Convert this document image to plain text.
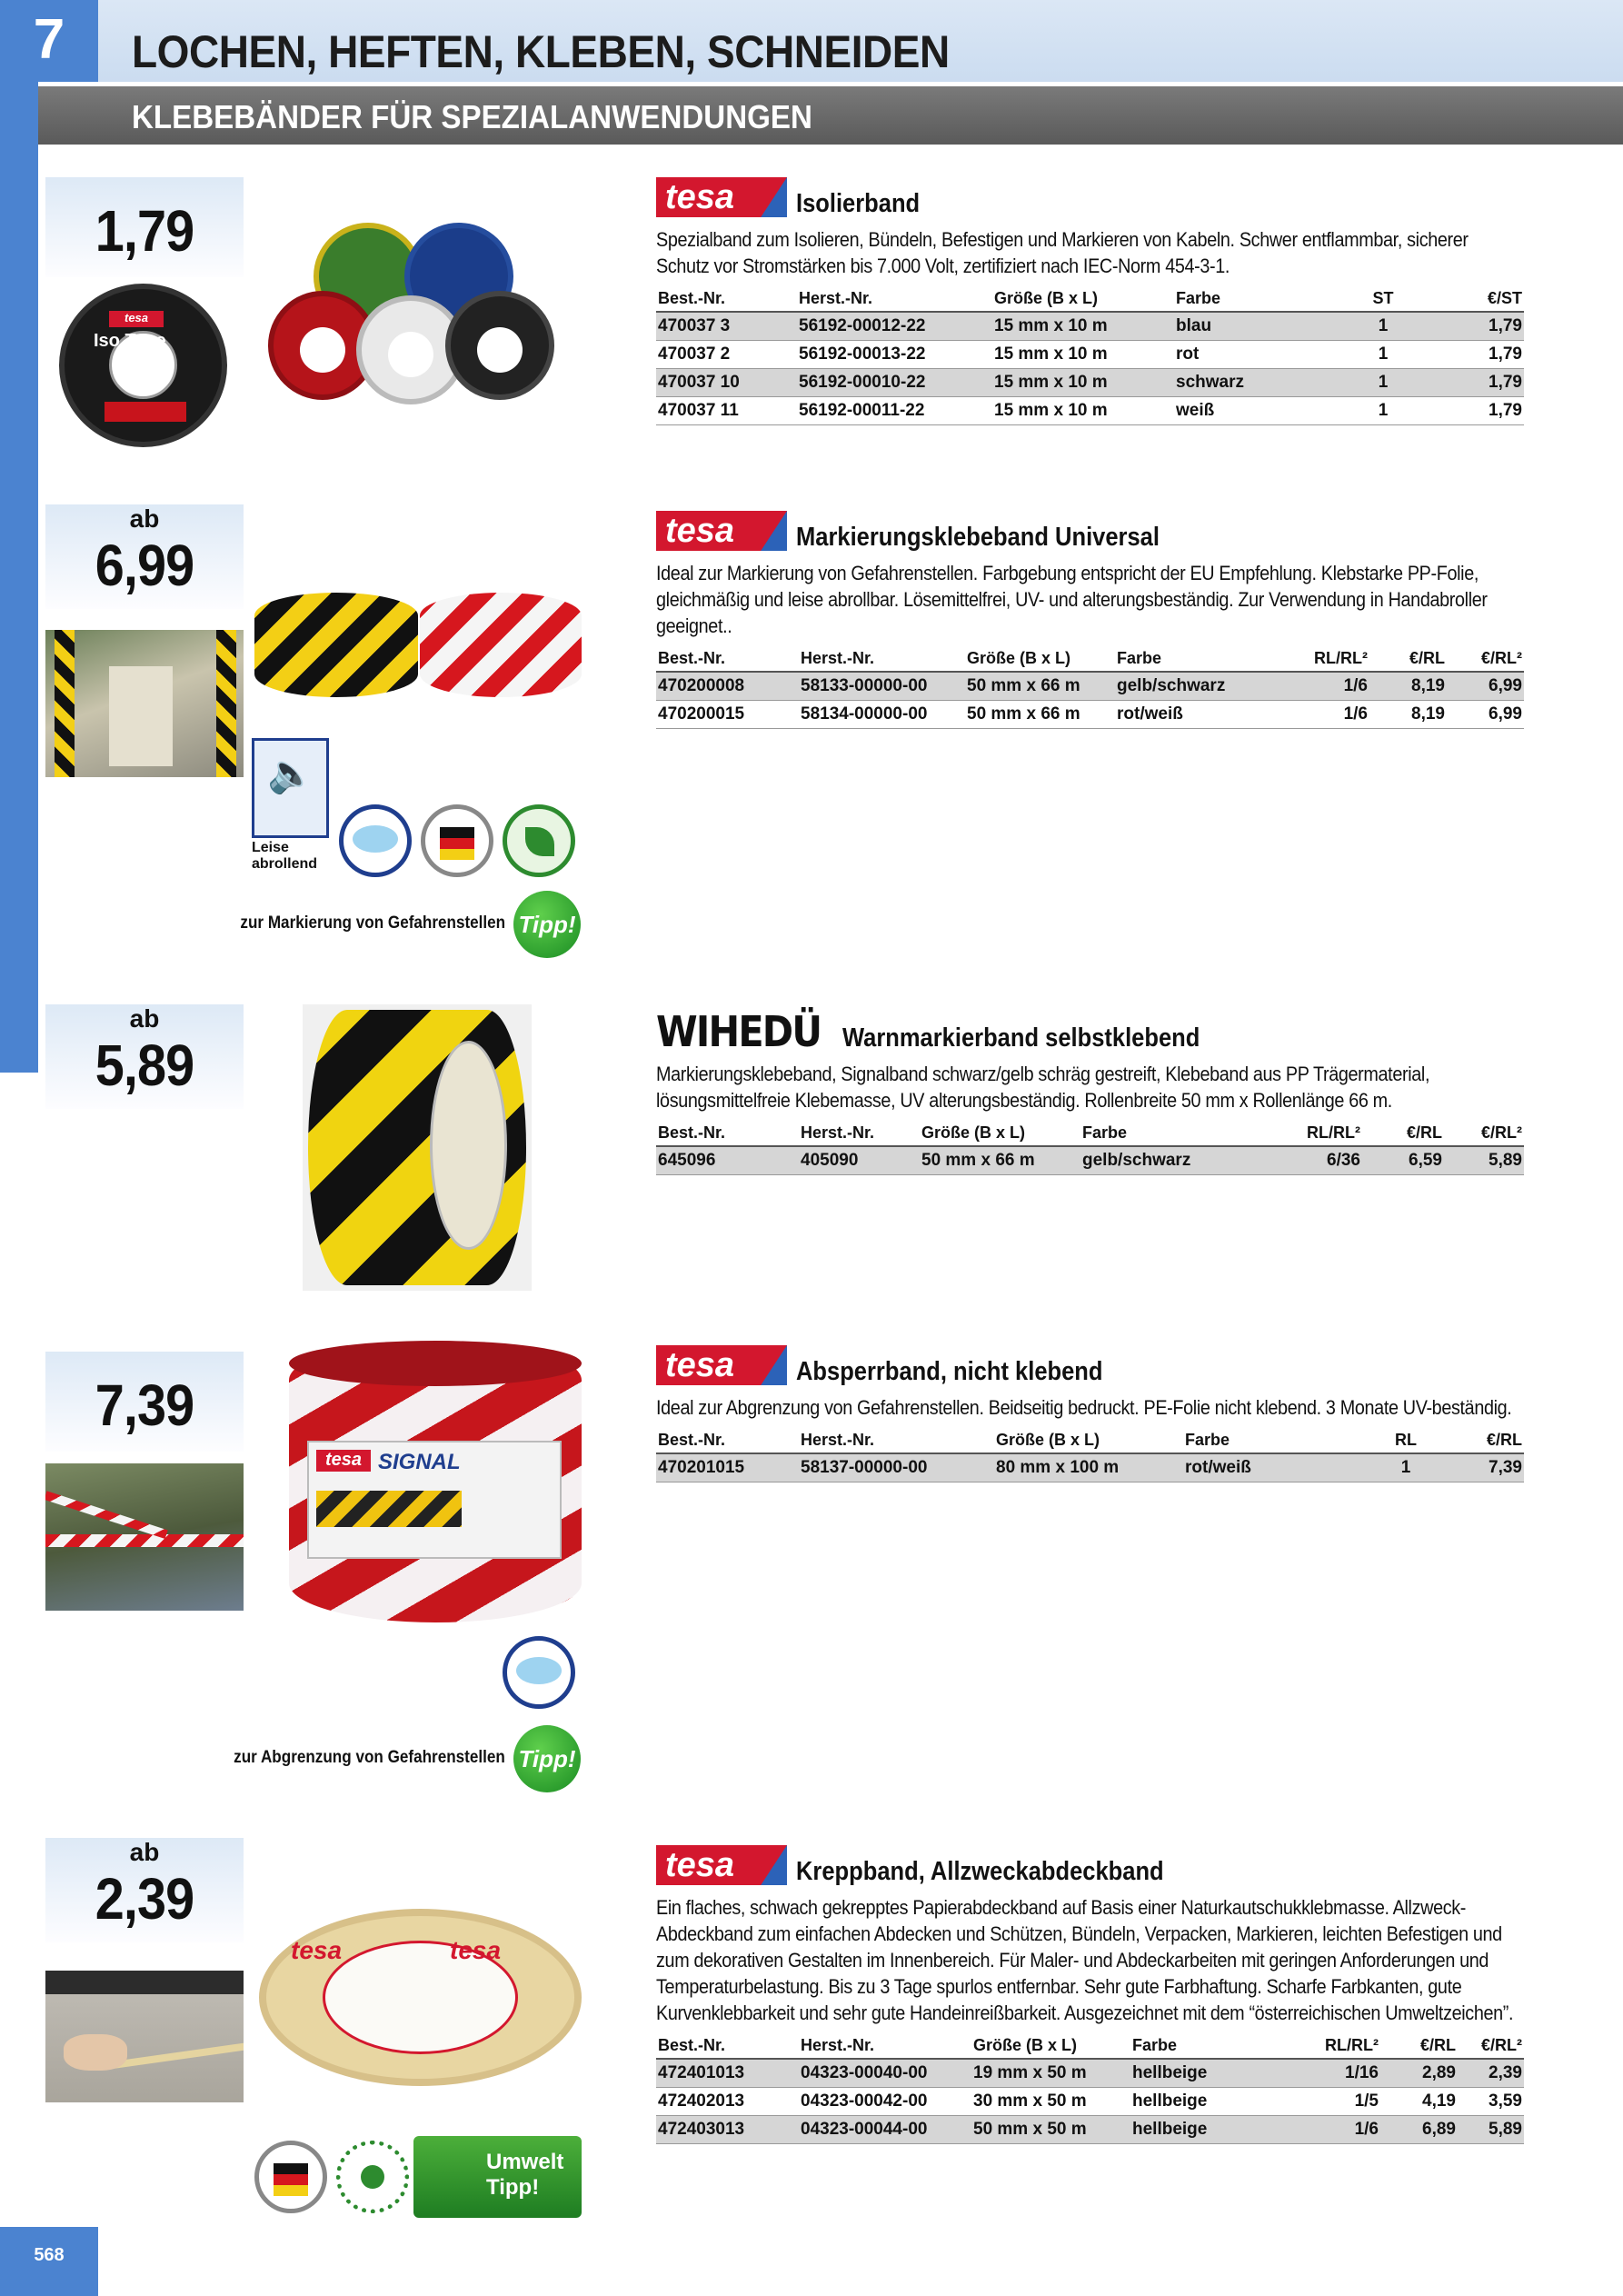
7	LOCHEN, HEFTEN, KLEBEN, SCHNEIDEN
KLEBEBÄNDER FÜR SPEZIALANWENDUNGEN
1,79
tesa
Iso Tape
tesa	Isolierband
Spezialband zum Isolieren, Bündeln, Befestigen und Markieren von Kabeln. Schwer entflammbar, sicherer Schutz vor Stromstärken bis 7.000 Volt, zertifiziert nach IEC-Norm 454-3-1.
Best.-Nr.	Herst.-Nr.	Größe (B x L)	Farbe	ST	€/ST
470037 3	56192-00012-22	15 mm x 10 m	blau	1	1,79
470037 2	56192-00013-22	15 mm x 10 m	rot	1	1,79
470037 10	56192-00010-22	15 mm x 10 m	schwarz	1	1,79
470037 11	56192-00011-22	15 mm x 10 m	weiß	1	1,79
ab
6,99
🔈
Leise abrollend
zur Markierung von Gefahrenstellen Tipp!
tesa	Markierungsklebeband Universal
Ideal zur Markierung von Gefahrenstellen. Farbgebung entspricht der EU Empfehlung. Klebstarke PP-Folie, gleichmäßig und leise abrollbar. Lösemittelfrei, UV- und alterungsbeständig. Zur Verwendung in Handabroller geeignet..
Best.-Nr.	Herst.-Nr.	Größe (B x L)	Farbe	RL/RL²	€/RL	€/RL²
470200008	58133-00000-00	50 mm x 66 m	gelb/schwarz	1/6	8,19	6,99
470200015	58134-00000-00	50 mm x 66 m	rot/weiß	1/6	8,19	6,99
ab
5,89
WIHEDÜ Warnmarkierband selbstklebend
Markierungsklebeband, Signalband schwarz/gelb schräg gestreift, Klebeband aus PP Trägermaterial, lösungsmittelfreie Klebemasse, UV alterungsbeständig. Rollenbreite 50 mm x Rollenlänge 66 m.
Best.-Nr.	Herst.-Nr.	Größe (B x L)	Farbe	RL/RL²	€/RL	€/RL²
645096	405090	50 mm x 66 m	gelb/schwarz	6/36	6,59	5,89
7,39
tesa SIGNAL
zur Abgrenzung von Gefahrenstellen Tipp!
tesa	Absperrband, nicht klebend
Ideal zur Abgrenzung von Gefahrenstellen. Beidseitig bedruckt. PE-Folie nicht klebend. 3 Monate UV-beständig.
Best.-Nr.	Herst.-Nr.	Größe (B x L)	Farbe	RL	€/RL
470201015	58137-00000-00	80 mm x 100 m	rot/weiß	1	7,39
ab
2,39
tesa	tesa
Umwelt Tipp!
tesa	Kreppband, Allzweckabdeckband
Ein flaches, schwach gekrepptes Papierabdeckband auf Basis einer Naturkautschukklebmasse. Allzweck-Abdeckband zum einfachen Abdecken und Schützen, Bündeln, Verpacken, Markieren, leichten Befestigen und zum dekorativen Gestalten im Innenbereich. Für Maler- und Abdeckarbeiten mit geringen Anforderungen und Temperaturbelastung. Bis zu 3 Tage spurlos entfernbar. Sehr gute Farbhaftung. Scharfe Farbkanten, gute Kurvenklebbarkeit und sehr gute Handeinreißbarkeit. Ausgezeichnet mit dem “österreichischen Umweltzeichen”.
Best.-Nr.	Herst.-Nr.	Größe (B x L)	Farbe	RL/RL²	€/RL	€/RL²
472401013	04323-00040-00	19 mm x 50 m	hellbeige	1/16	2,89	2,39
472402013	04323-00042-00	30 mm x 50 m	hellbeige	1/5	4,19	3,59
472403013	04323-00044-00	50 mm x 50 m	hellbeige	1/6	6,89	5,89
568
